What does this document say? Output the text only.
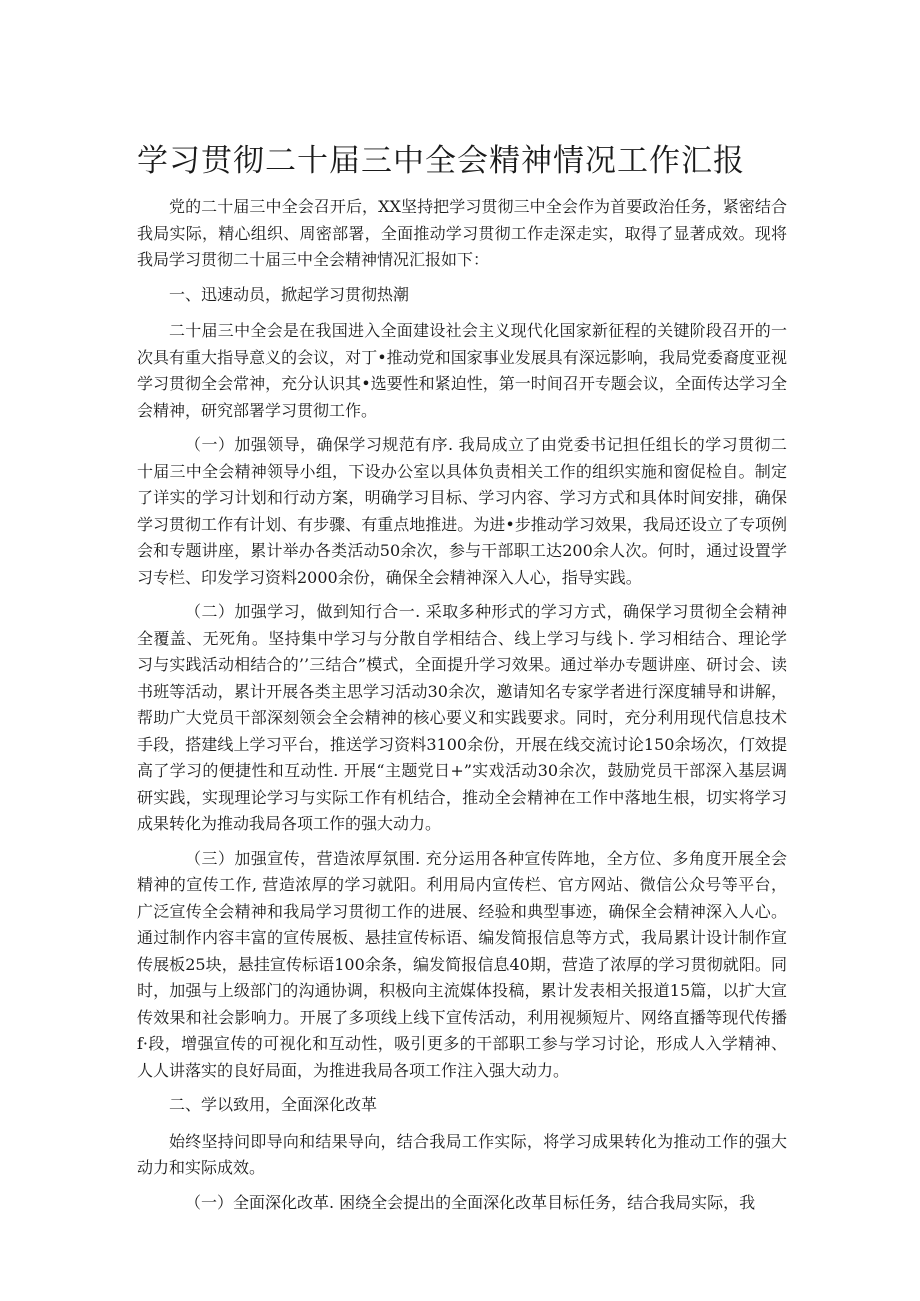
学习贯彻二十届三中全会精神情况工作汇报

党的二十届三中全会召开后，XX坚持把学习贯彻三中全会作为首要政治任务，紧密结合我局实际，精心组织、周密部署，全面推动学习贯彻工作走深走实，取得了显著成效。现将我局学习贯彻二十届三中全会精神情况汇报如下：

一、迅速动员，掀起学习贯彻热潮

二十届三中全会是在我国进入全面建设社会主义现代化国家新征程的关键阶段召开的一次具有重大指导意义的会议，对丁•推动党和国家事业发展具有深远影响，我局党委裔度亚视学习贯彻全会常神，充分认识其•选要性和紧迫性，第一时间召开专题会议，全面传达学习全会精神，研究部署学习贯彻工作。

（一）加强领导，确保学习规范有序. 我局成立了由党委书记担任组长的学习贯彻二十届三中全会精神领导小组，下设办公室以具体负责相关工作的组织实施和窗促检自。制定了详实的学习计划和行动方案，明确学习目标、学习内容、学习方式和具体时间安排，确保学习贯彻工作有计划、有步骤、有重点地推进。为进•步推动学习效果，我局还设立了专项例会和专题讲座，累计举办各类活动50余次，参与干部职工达200余人次。何时，通过设置学习专栏、印发学习资料2000余份，确保全会精神深入人心，指导实践。

（二）加强学习，做到知行合一. 采取多种形式的学习方式，确保学习贯彻全会精神全覆盖、无死角。坚持集中学习与分散自学相结合、线上学习与线卜. 学习相结合、理论学习与实践活动相结合的’’三结合”模式，全面提升学习效果。通过举办专题讲座、研讨会、读书班等活动，累计开展各类主思学习活动30余次，邀请知名专家学者进行深度辅导和讲解，帮助广大党员干部深刻领会全会精神的核心要义和实践要求。同时，充分利用现代信息技术手段，搭建线上学习平台，推送学习资料3100余份，开展在线交流讨论150余场次，仃效提高了学习的便捷性和互动性. 开展“主题党日+”实戏活动30余次，鼓励党员干部深入基层调研实践，实现理论学习与实际工作有机结合，推动全会精神在工作中落地生根，切实将学习成果转化为推动我局各项工作的强大动力。

（三）加强宣传，营造浓厚氛围. 充分运用各种宣传阵地，全方位、多角度开展全会精神的宣传工作, 营造浓厚的学习就阳。利用局内宣传栏、官方网站、微信公众号等平台，广泛宣传全会精神和我局学习贯彻工作的进展、经验和典型事迹，确保全会精神深入人心。通过制作内容丰富的宣传展板、悬挂宣传标语、编发简报信息等方式，我局累计设计制作宣传展板25块，悬挂宣传标语100余条，编发简报信息40期，营造了浓厚的学习贯彻就阳。同时，加强与上级部门的沟通协调，积极向主流媒体投稿，累计发表相关报道15篇，以扩大宣传效果和社会影响力。开展了多项线上线下宣传活动，利用视频短片、网络直播等现代传播f·段，增强宣传的可视化和互动性，吸引更多的干部职工参与学习讨论，形成人入学精神、人人讲落实的良好局面，为推进我局各项工作注入强大动力。

二、学以致用，全面深化改革

始终坚持问即导向和结果导向，结合我局工作实际，将学习成果转化为推动工作的强大动力和实际成效。

（一）全面深化改革. 困绕全会提出的全面深化改革目标任务，结合我局实际，我
